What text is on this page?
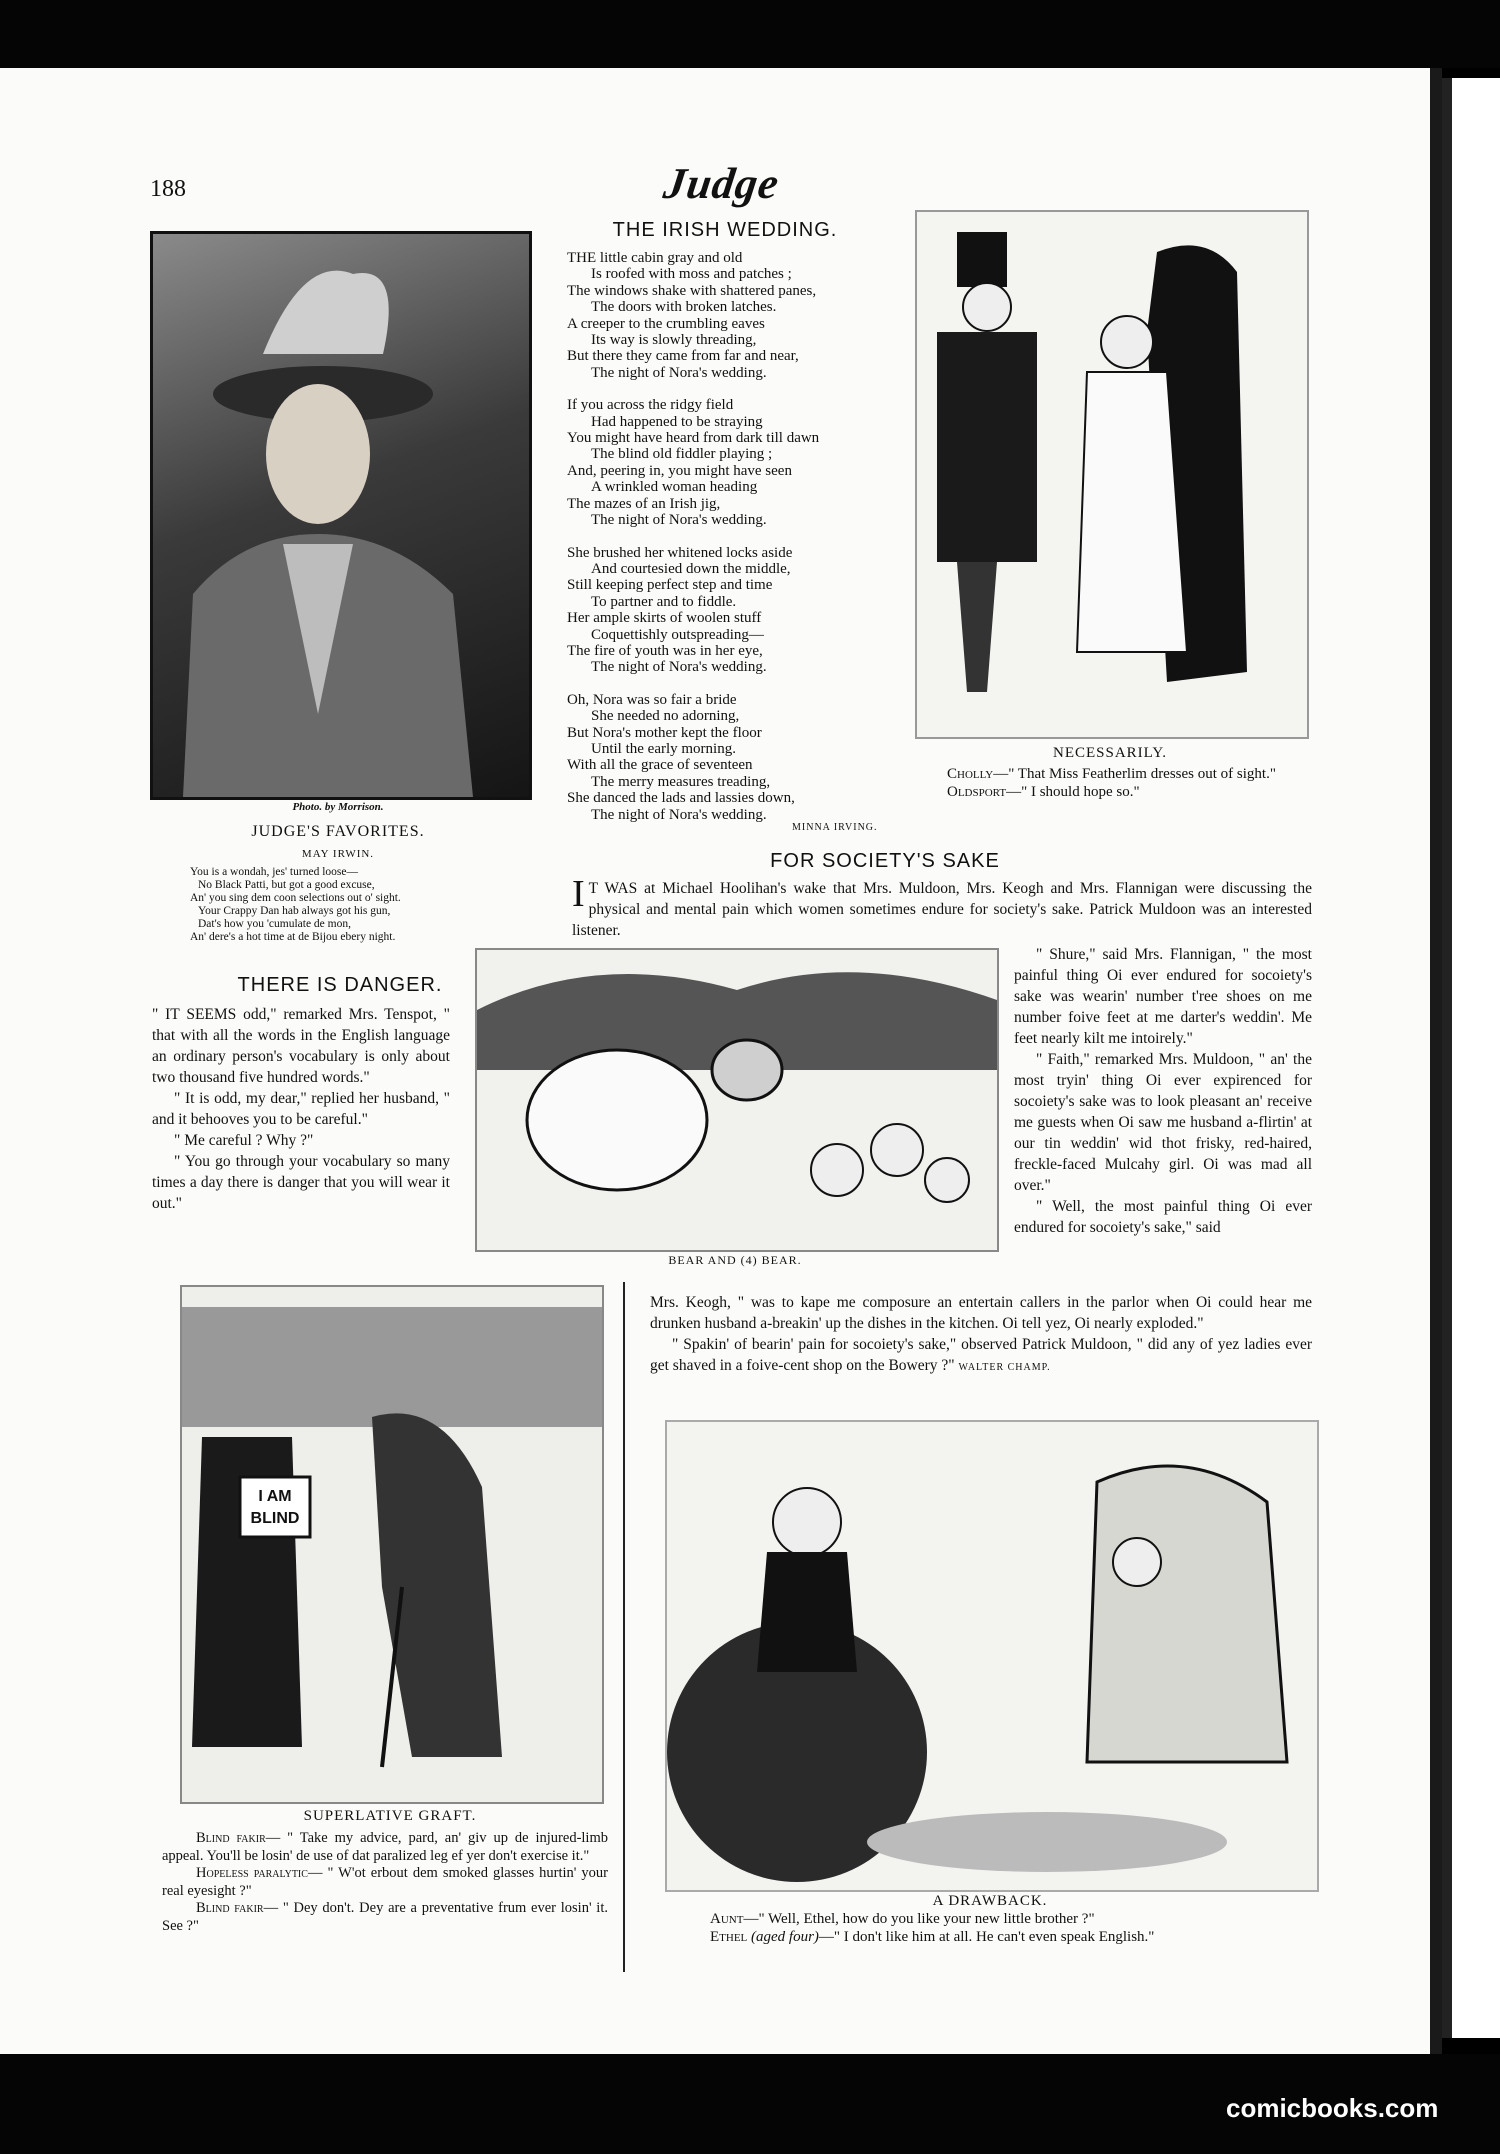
188	Judge
Photo. by Morrison.
JUDGE'S FAVORITES.
MAY IRWIN.
You is a wondah, jes' turned loose—
No Black Patti, but got a good excuse,
An' you sing dem coon selections out o' sight.
Your Crappy Dan hab always got his gun,
Dat's how you 'cumulate de mon,
An' dere's a hot time at de Bijou ebery night.
THE IRISH WEDDING.
THE little cabin gray and old
Is roofed with moss and patches ;
The windows shake with shattered panes,
The doors with broken latches.
A creeper to the crumbling eaves
Its way is slowly threading,
But there they came from far and near,
The night of Nora's wedding.
If you across the ridgy field
Had happened to be straying
You might have heard from dark till dawn
The blind old fiddler playing ;
And, peering in, you might have seen
A wrinkled woman heading
The mazes of an Irish jig,
The night of Nora's wedding.
She brushed her whitened locks aside
And courtesied down the middle,
Still keeping perfect step and time
To partner and to fiddle.
Her ample skirts of woolen stuff
Coquettishly outspreading—
The fire of youth was in her eye,
The night of Nora's wedding.
Oh, Nora was so fair a bride
She needed no adorning,
But Nora's mother kept the floor
Until the early morning.
With all the grace of seventeen
The merry measures treading,
She danced the lads and lassies down,
The night of Nora's wedding.
MINNA IRVING.
NECESSARILY.
Cholly—" That Miss Featherlim dresses out of sight."
Oldsport—" I should hope so."
FOR SOCIETY'S SAKE
I T WAS at Michael Hoolihan's wake that Mrs. Muldoon, Mrs. Keogh and Mrs. Flannigan were discussing the physical and mental pain which women sometimes endure for society's sake. Patrick Muldoon was an interested listener.

" Shure," said Mrs. Flannigan, " the most painful thing Oi ever endured for socoiety's sake was wearin' number t'ree shoes on me number foive feet at me darter's weddin'. Me feet nearly kilt me intoirely."

" Faith," remarked Mrs. Muldoon, " an' the most tryin' thing Oi ever expirenced for socoiety's sake was to look pleasant an' receive me guests when Oi saw me husband a-flirtin' at our tin weddin' wid thot frisky, red-haired, freckle-faced Mulcahy girl. Oi was mad all over."

" Well, the most painful thing Oi ever endured for socoiety's sake," said

Mrs. Keogh, " was to kape me composure an entertain callers in the parlor when Oi could hear me drunken husband a-breakin' up the dishes in the kitchen. Oi tell yez, Oi nearly exploded."

" Spakin' of bearin' pain for socoiety's sake," observed Patrick Muldoon, " did any of yez ladies ever get shaved in a foive-cent shop on the Bowery ?" WALTER CHAMP.

BEAR AND (4) BEAR.
THERE IS DANGER.

" IT SEEMS odd," remarked Mrs. Tenspot, " that with all the words in the English language an ordinary person's vocabulary is only about two thousand five hundred words."

" It is odd, my dear," replied her husband, " and it behooves you to be careful."

" Me careful ? Why ?"

" You go through your vocabulary so many times a day there is danger that you will wear it out."

I AM
BLIND
SUPERLATIVE GRAFT.
Blind fakir— " Take my advice, pard, an' giv up de injured-limb appeal. You'll be losin' de use of dat paralized leg ef yer don't exercise it."
Hopeless paralytic— " W'ot erbout dem smoked glasses hurtin' your real eyesight ?"
Blind fakir— " Dey don't. Dey are a preventative frum ever losin' it. See ?"
A DRAWBACK.
Aunt—" Well, Ethel, how do you like your new little brother ?"
Ethel (aged four)—" I don't like him at all. He can't even speak English."
comicbooks.com
